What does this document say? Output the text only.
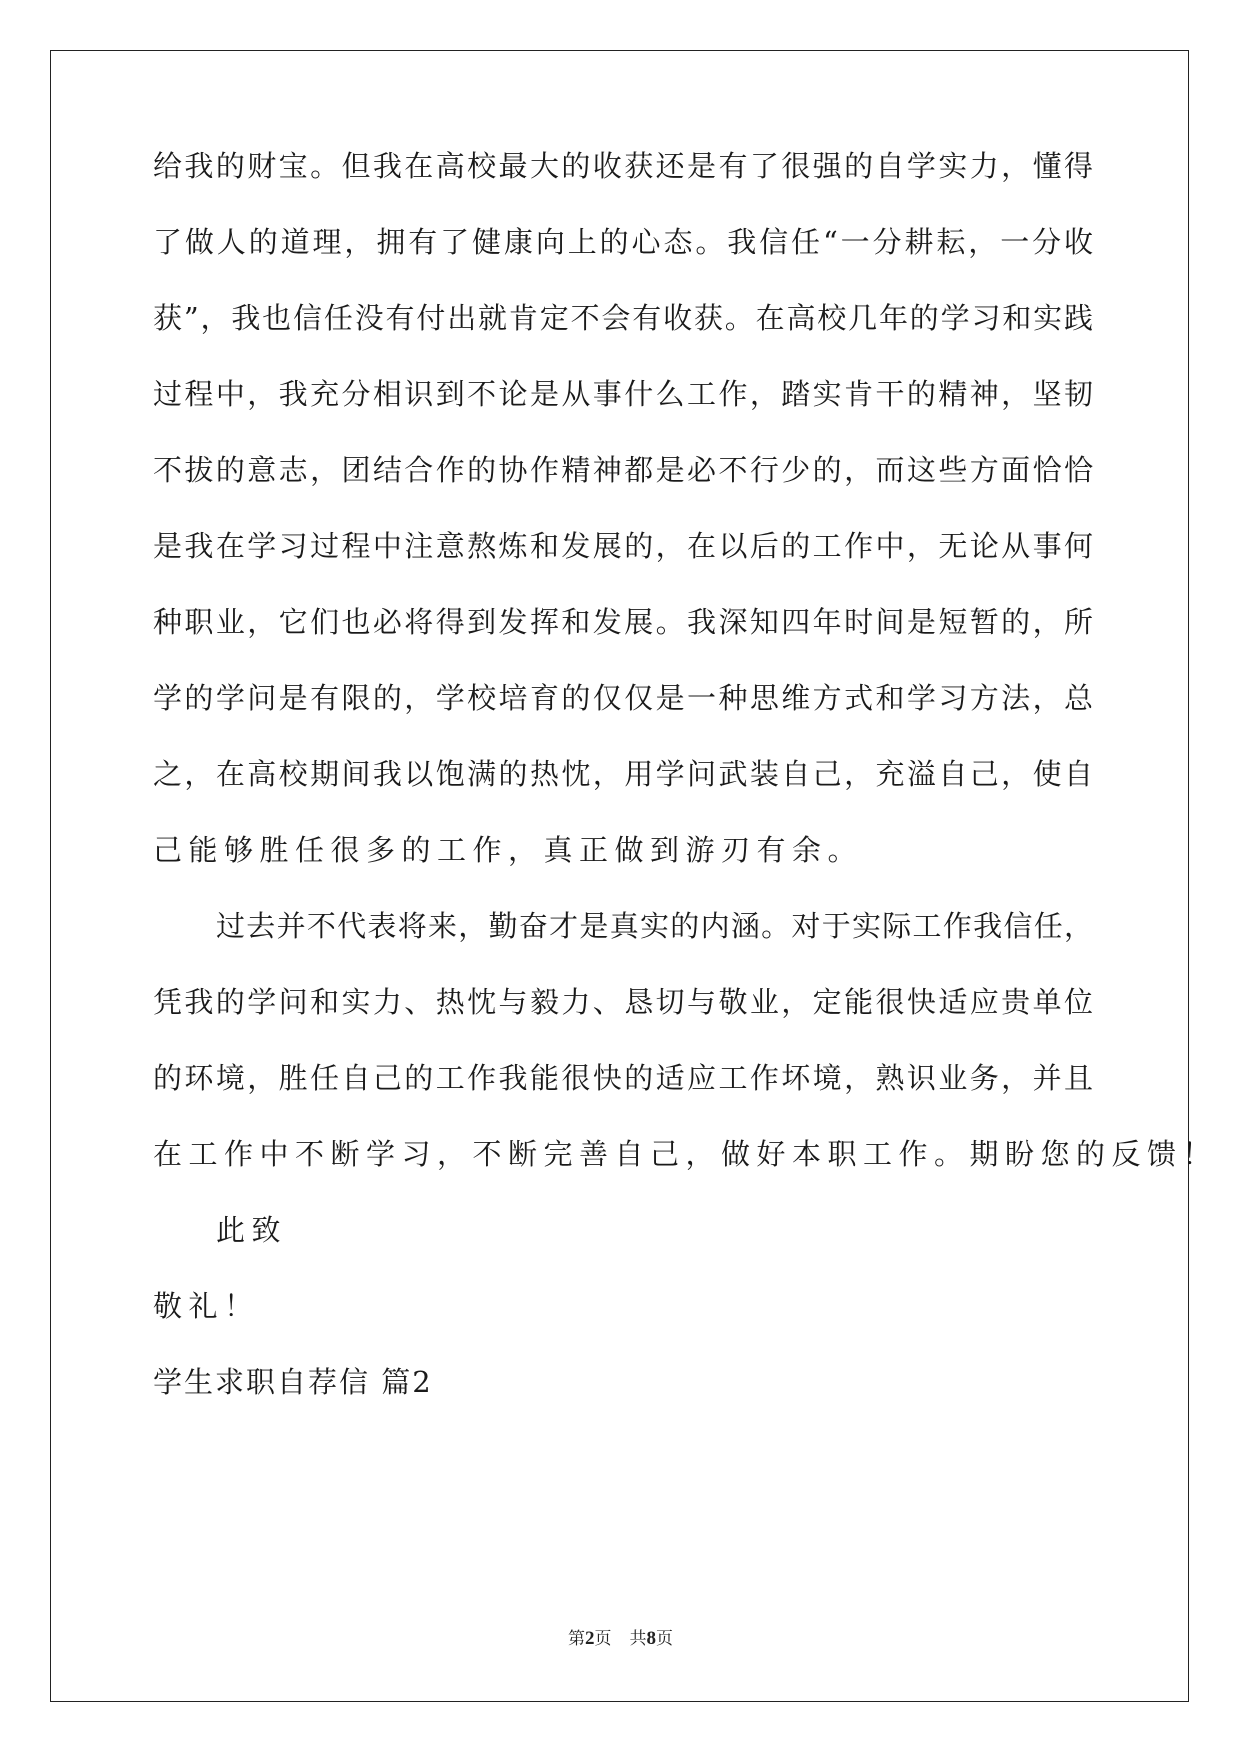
给我的财宝。但我在高校最大的收获还是有了很强的自学实力，懂得
了做人的道理，拥有了健康向上的心态。我信任“一分耕耘，一分收
获”，我也信任没有付出就肯定不会有收获。在高校几年的学习和实践
过程中，我充分相识到不论是从事什么工作，踏实肯干的精神，坚韧
不拔的意志，团结合作的协作精神都是必不行少的，而这些方面恰恰
是我在学习过程中注意熬炼和发展的，在以后的工作中，无论从事何
种职业，它们也必将得到发挥和发展。我深知四年时间是短暂的，所
学的学问是有限的，学校培育的仅仅是一种思维方式和学习方法，总
之，在高校期间我以饱满的热忱，用学问武装自己，充溢自己，使自
己能够胜任很多的工作，真正做到游刃有余。
过去并不代表将来，勤奋才是真实的内涵。对于实际工作我信任，
凭我的学问和实力、热忱与毅力、恳切与敬业，定能很快适应贵单位
的环境，胜任自己的工作我能很快的适应工作坏境，熟识业务，并且
在工作中不断学习，不断完善自己，做好本职工作。期盼您的反馈！
此致
敬礼！
学生求职自荐信 篇2
第2页 共8页
